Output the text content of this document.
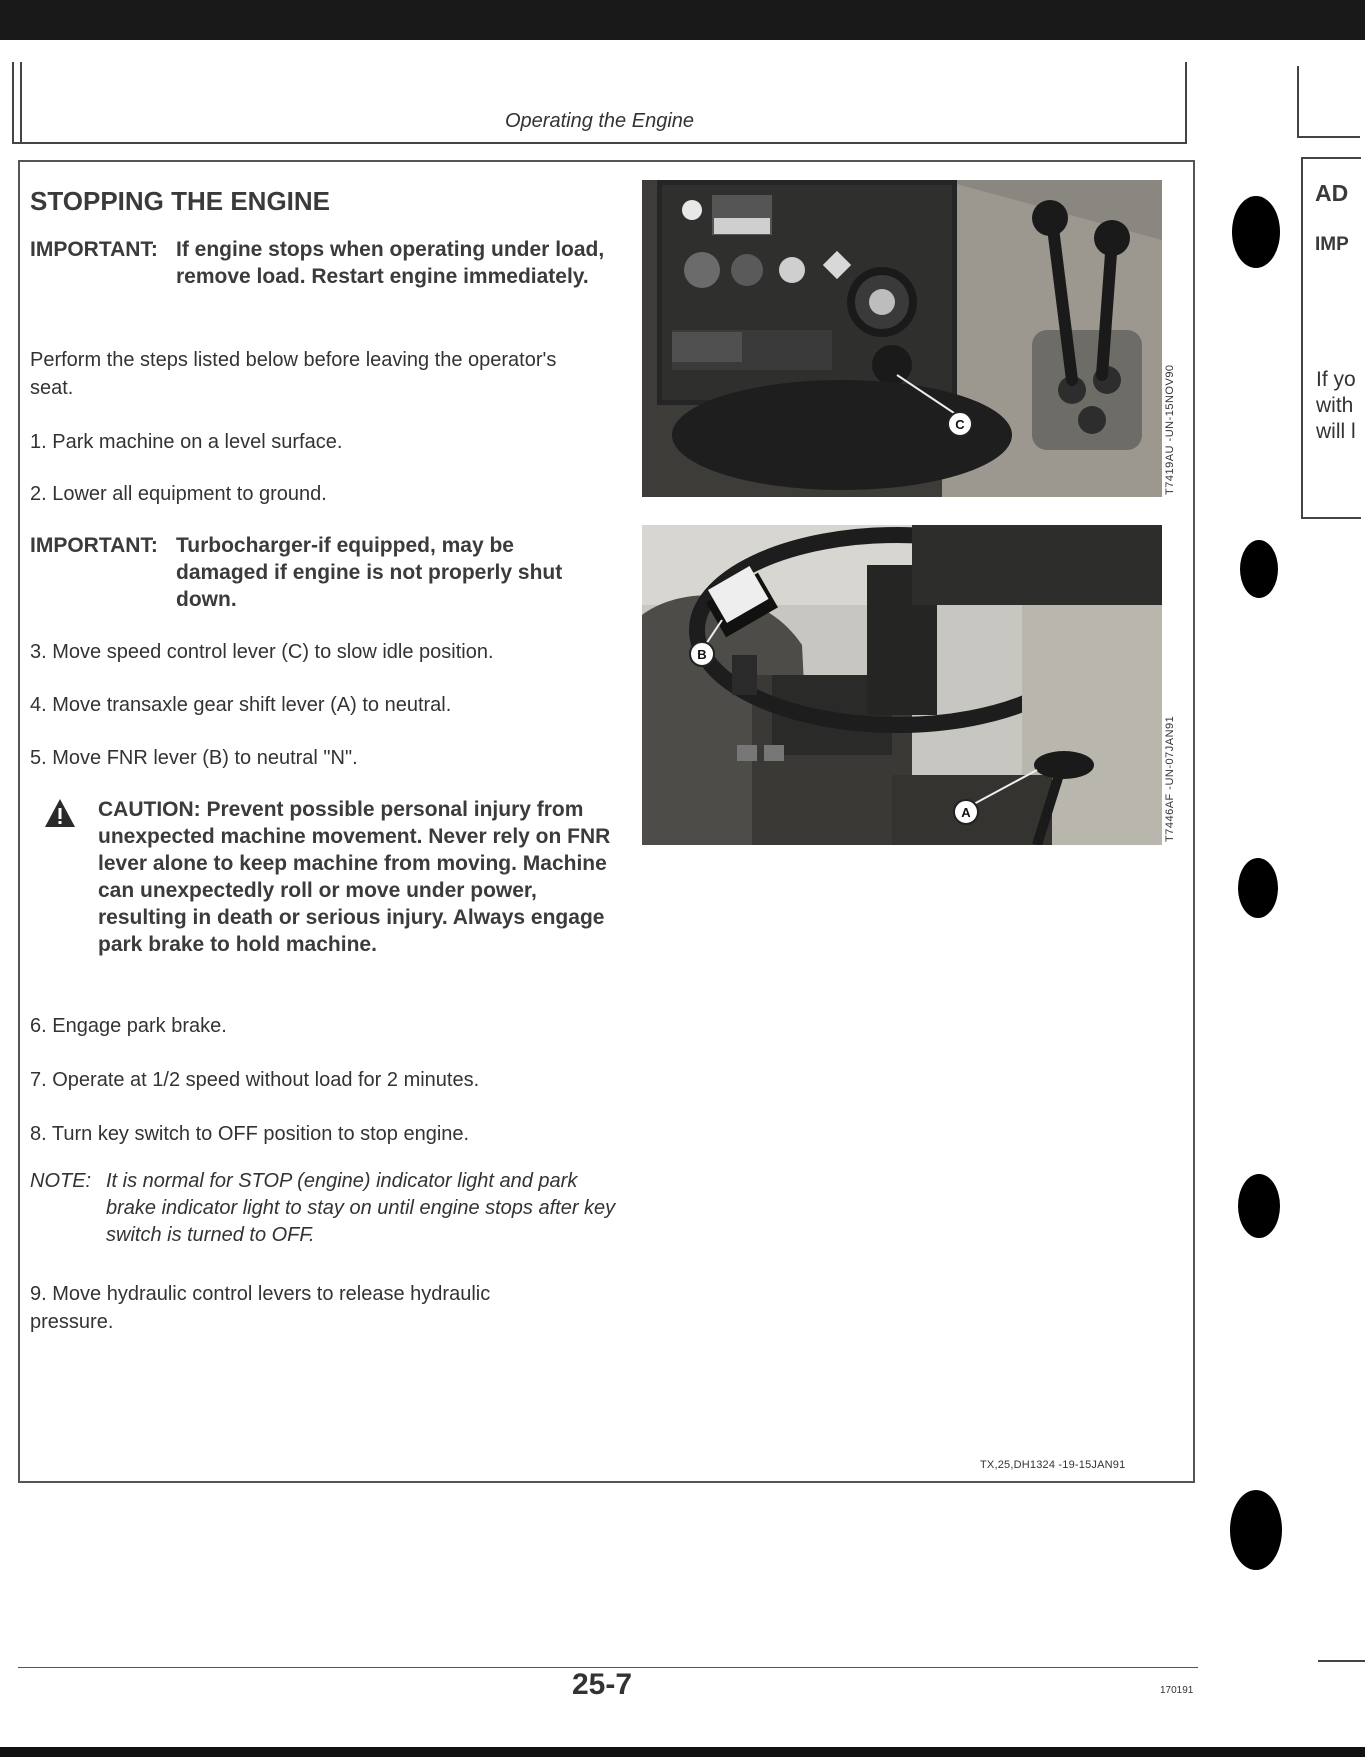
Operating the Engine
STOPPING THE ENGINE
IMPORTANT: If engine stops when operating under load, remove load. Restart engine immediately.

Perform the steps listed below before leaving the operator's seat.

1. Park machine on a level surface.
2. Lower all equipment to ground.
IMPORTANT: Turbocharger-if equipped, may be damaged if engine is not properly shut down.
3. Move speed control lever (C) to slow idle position.
4. Move transaxle gear shift lever (A) to neutral.
5. Move FNR lever (B) to neutral "N".
CAUTION: Prevent possible personal injury from unexpected machine movement. Never rely on FNR lever alone to keep machine from moving. Machine can unexpectedly roll or move under power, resulting in death or serious injury. Always engage park brake to hold machine.
6. Engage park brake.
7. Operate at 1/2 speed without load for 2 minutes.
8. Turn key switch to OFF position to stop engine.
NOTE: It is normal for STOP (engine) indicator light and park brake indicator light to stay on until engine stops after key switch is turned to OFF.
9. Move hydraulic control levers to release hydraulic pressure.
C	T7419AU -UN-15NOV90
B
A	T7446AF -UN-07JAN91
TX,25,DH1324 -19-15JAN91
AD
IMP
If yo
with
will l
25-7	170191
